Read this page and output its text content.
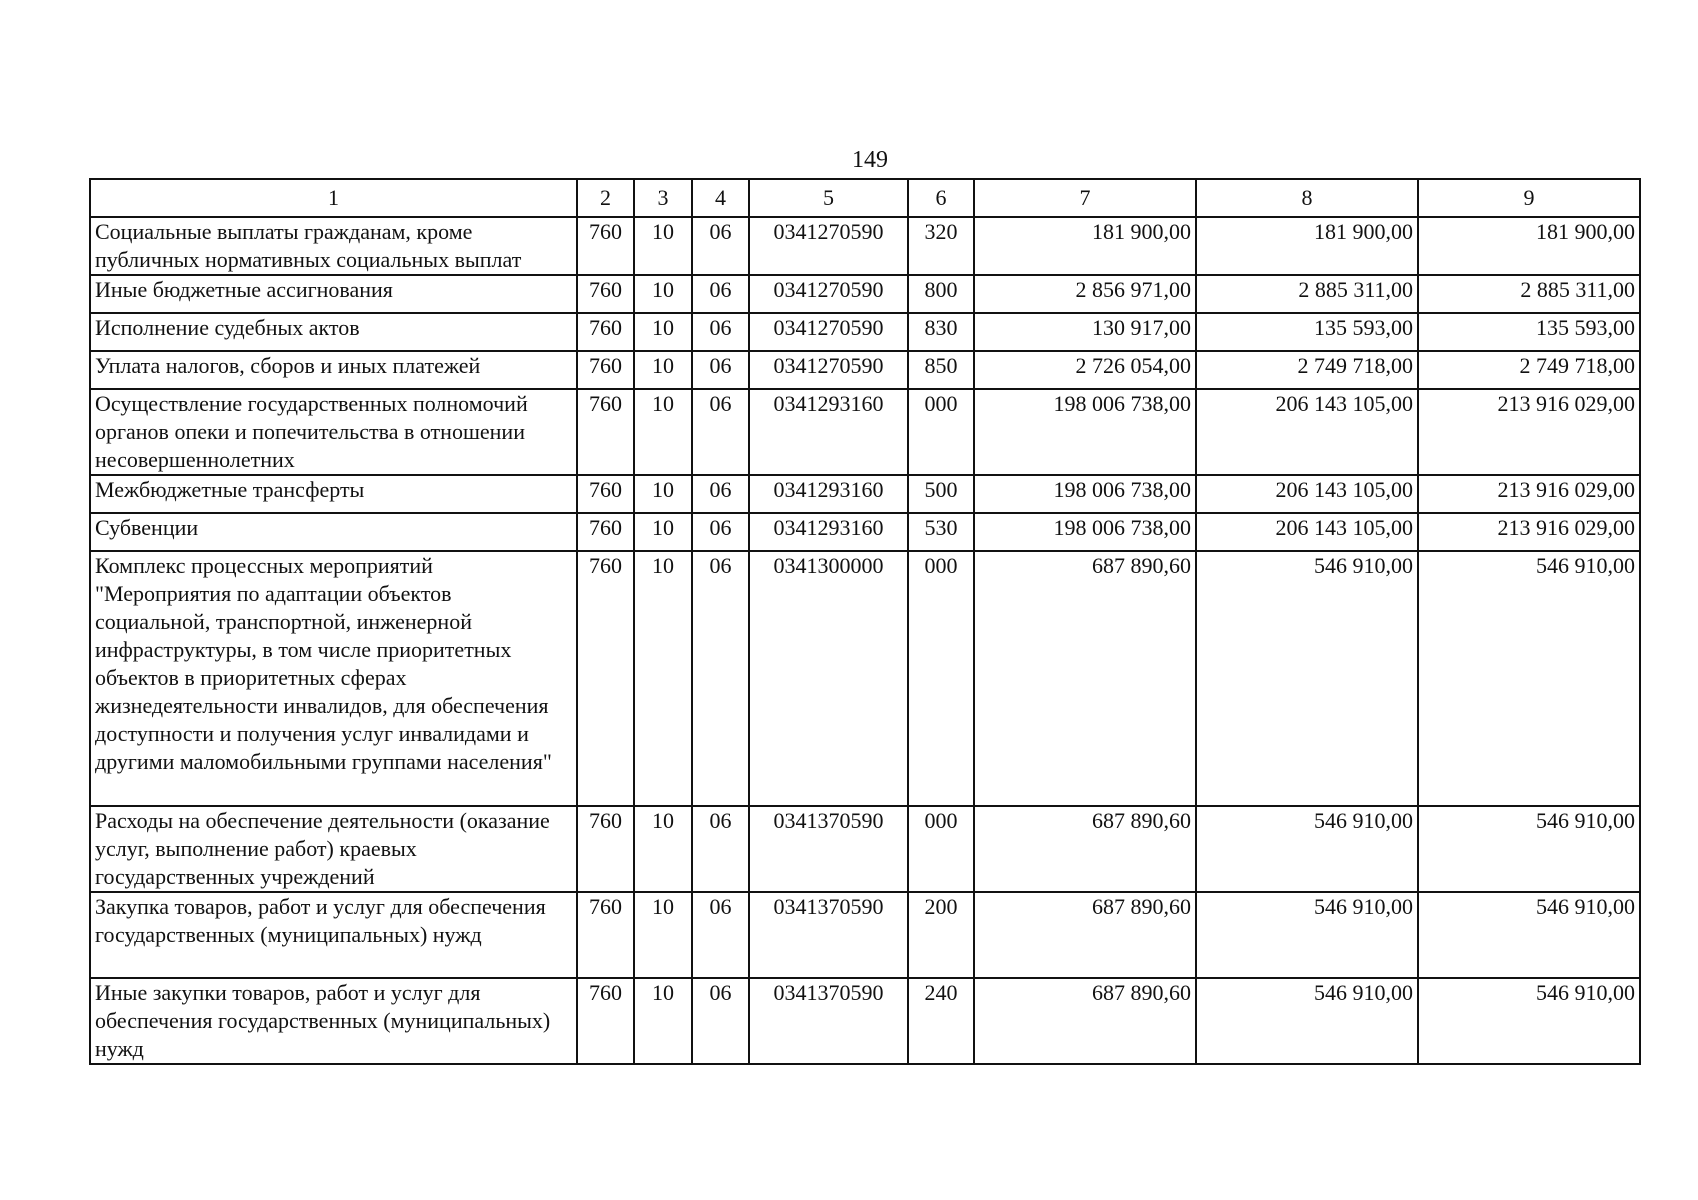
149
1	2	3	4	5	6	7	8	9
Социальные выплаты гражданам, кроме публичных нормативных социальных выплат	760	10	06	0341270590	320	181 900,00	181 900,00	181 900,00
Иные бюджетные ассигнования	760	10	06	0341270590	800	2 856 971,00	2 885 311,00	2 885 311,00
Исполнение судебных актов	760	10	06	0341270590	830	130 917,00	135 593,00	135 593,00
Уплата налогов, сборов и иных платежей	760	10	06	0341270590	850	2 726 054,00	2 749 718,00	2 749 718,00
Осуществление государственных полномочий органов опеки и попечительства в отношении несовершеннолетних	760	10	06	0341293160	000	198 006 738,00	206 143 105,00	213 916 029,00
Межбюджетные трансферты	760	10	06	0341293160	500	198 006 738,00	206 143 105,00	213 916 029,00
Субвенции	760	10	06	0341293160	530	198 006 738,00	206 143 105,00	213 916 029,00
Комплекс процессных мероприятий "Мероприятия по адаптации объектов социальной, транспортной, инженерной инфраструктуры, в том числе приоритетных объектов в приоритетных сферах жизнедеятельности инвалидов, для обеспечения доступности и получения услуг инвалидами и другими маломобильными группами населения"	760	10	06	0341300000	000	687 890,60	546 910,00	546 910,00
Расходы на обеспечение деятельности (оказание услуг, выполнение работ) краевых государственных учреждений	760	10	06	0341370590	000	687 890,60	546 910,00	546 910,00
Закупка товаров, работ и услуг для обеспечения государственных (муниципальных) нужд	760	10	06	0341370590	200	687 890,60	546 910,00	546 910,00
Иные закупки товаров, работ и услуг для обеспечения государственных (муниципальных) нужд	760	10	06	0341370590	240	687 890,60	546 910,00	546 910,00
